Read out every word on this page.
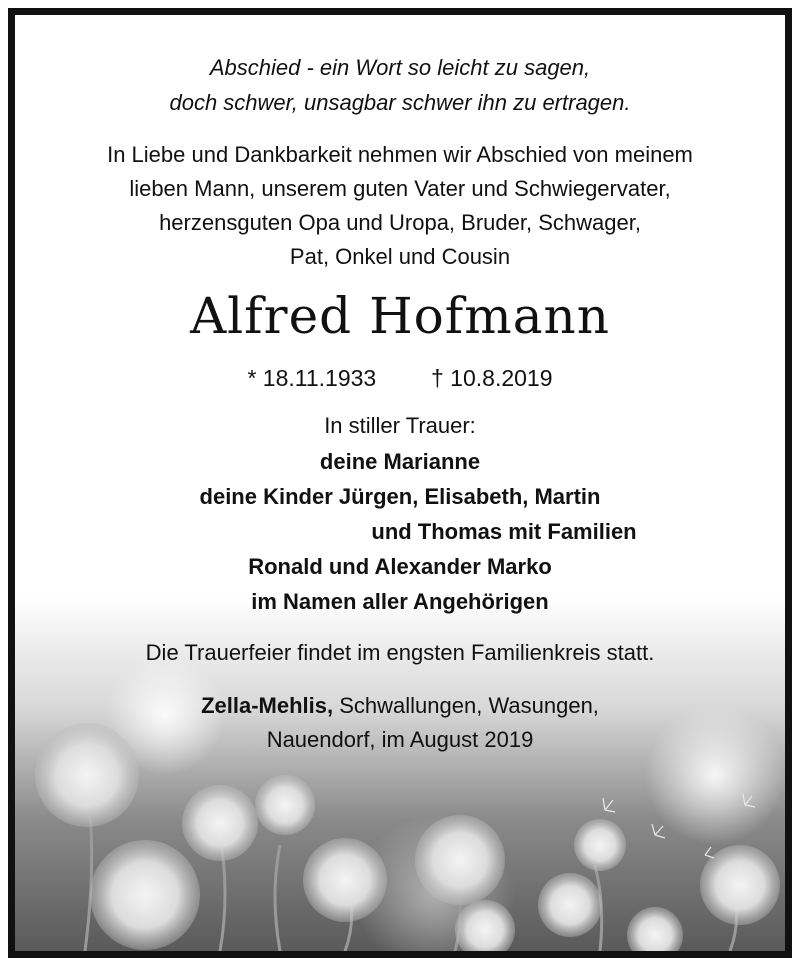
Abschied - ein Wort so leicht zu sagen,
doch schwer, unsagbar schwer ihn zu ertragen.
In Liebe und Dankbarkeit nehmen wir Abschied von meinem
lieben Mann, unserem guten Vater und Schwiegervater,
herzensguten Opa und Uropa, Bruder, Schwager,
Pat, Onkel und Cousin
Alfred Hofmann
* 18.11.1933 † 10.8.2019
In stiller Trauer:
deine Marianne
deine Kinder Jürgen, Elisabeth, Martin
und Thomas mit Familien
Ronald und Alexander Marko
im Namen aller Angehörigen
Die Trauerfeier findet im engsten Familienkreis statt.
Zella-Mehlis, Schwallungen, Wasungen,
Nauendorf, im August 2019
